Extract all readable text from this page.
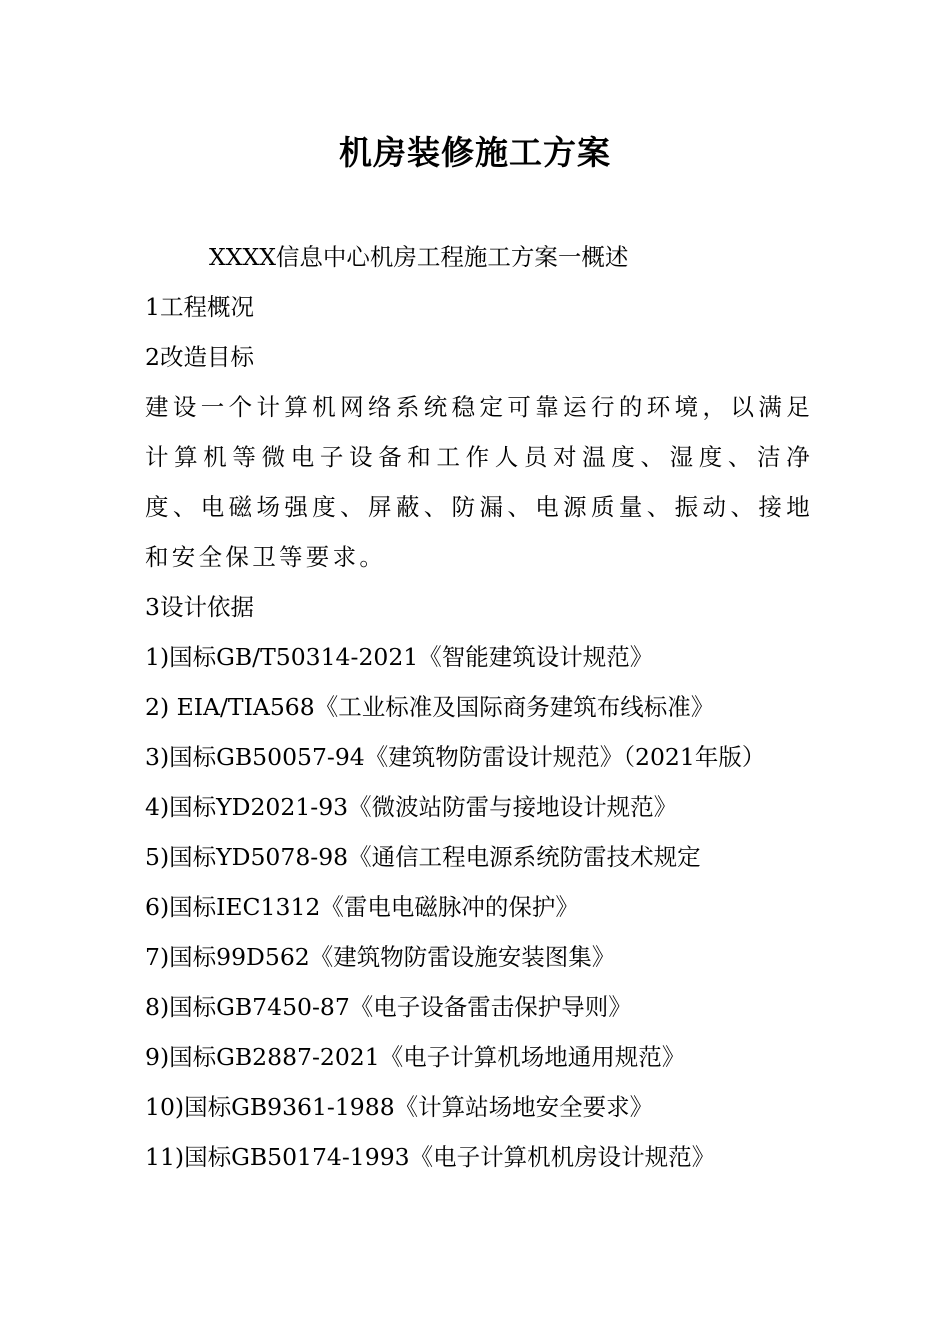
机房装修施工方案
XXXX信息中心机房工程施工方案一概述
1工程概况
2改造目标
建设一个计算机网络系统稳定可靠运行的环境，以满足计算机等微电子设备和工作人员对温度、湿度、洁净度、电磁场强度、屏蔽、防漏、电源质量、振动、接地和安全保卫等要求。
3设计依据
1)国标GB/T50314-2021《智能建筑设计规范》
2) EIA/TIA568《工业标准及国际商务建筑布线标准》
3)国标GB50057-94《建筑物防雷设计规范》（2021年版）
4)国标YD2021-93《微波站防雷与接地设计规范》
5)国标YD5078-98《通信工程电源系统防雷技术规定
6)国标IEC1312《雷电电磁脉冲的保护》
7)国标99D562《建筑物防雷设施安装图集》
8)国标GB7450-87《电子设备雷击保护导则》
9)国标GB2887-2021《电子计算机场地通用规范》
10)国标GB9361-1988《计算站场地安全要求》
11)国标GB50174-1993《电子计算机机房设计规范》
